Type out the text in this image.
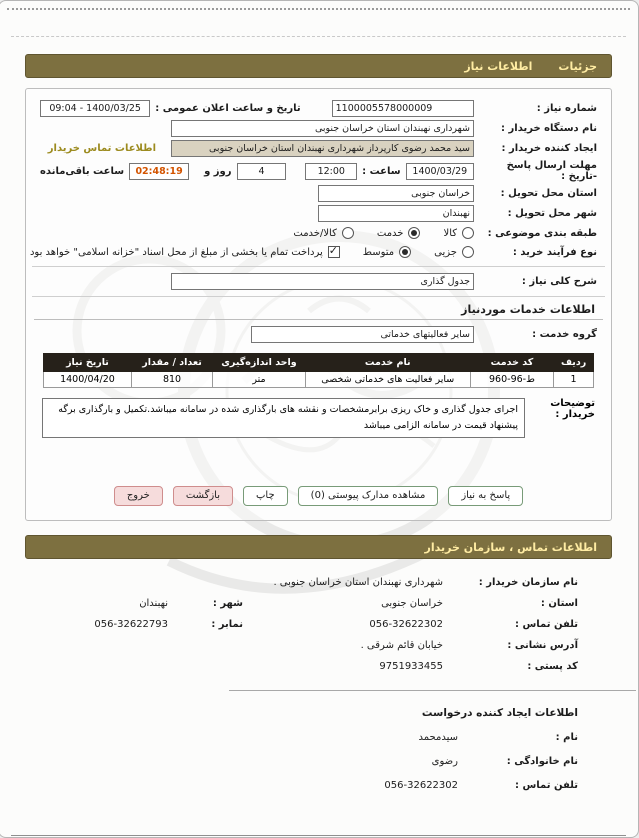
جزئیات
اطلاعات نیاز
شماره نیاز :
1100005578000009
تاریخ و ساعت اعلان عمومی :
09:04 - 1400/03/25
نام دستگاه خریدار :
شهرداری نهبندان استان خراسان جنوبی
ایجاد کننده خریدار :
سید محمد رضوی کارپرداز شهرداری نهبندان استان خراسان جنوبی
اطلاعات تماس خریدار
مهلت ارسال پاسخ -تاریخ :
1400/03/29
ساعت :
12:00
4
روز و
02:48:19
ساعت باقی‌مانده
استان محل تحویل :
خراسان جنوبی
شهر محل تحویل :
نهبندان
طبقه بندی موضوعی :
کالا
خدمت
کالا/خدمت
نوع فرآیند خرید :
جزیی
متوسط
✓
پرداخت تمام یا بخشی از مبلغ از محل اسناد "خزانه اسلامی" خواهد بود
شرح کلی نیاز :
جدول گذاری
اطلاعات خدمات موردنیاز
گروه خدمت :
سایر فعالیتهای خدماتی
ردیف	کد خدمت	نام خدمت	واحد اندازه‌گیری	تعداد / مقدار	تاریخ نیاز
1	ط-96-960	سایر فعالیت های خدماتی شخصی	متر	810	1400/04/20
توضیحات خریدار :
اجرای جدول گذاری و خاک ریزی برابرمشخصات و نقشه های بارگذاری شده در سامانه میباشد.تکمیل و بارگذاری برگه پیشنهاد قیمت در سامانه الزامی میباشد
پاسخ به نیاز
مشاهده مدارک پیوستی (0)
چاپ
بازگشت
خروج
اطلاعات تماس ، سازمان خریدار
نام سازمان خریدار :
شهرداری نهبندان استان خراسان جنوبی .
استان :
خراسان جنوبی
شهر :
نهبندان
تلفن تماس :
056-32622302
نمابر :
056-32622793
آدرس نشانی :
خیابان قائم شرقی .
کد پستی :
9751933455
اطلاعات ایجاد کننده درخواست
نام :
سیدمحمد
نام خانوادگی :
رضوی
تلفن تماس :
056-32622302
